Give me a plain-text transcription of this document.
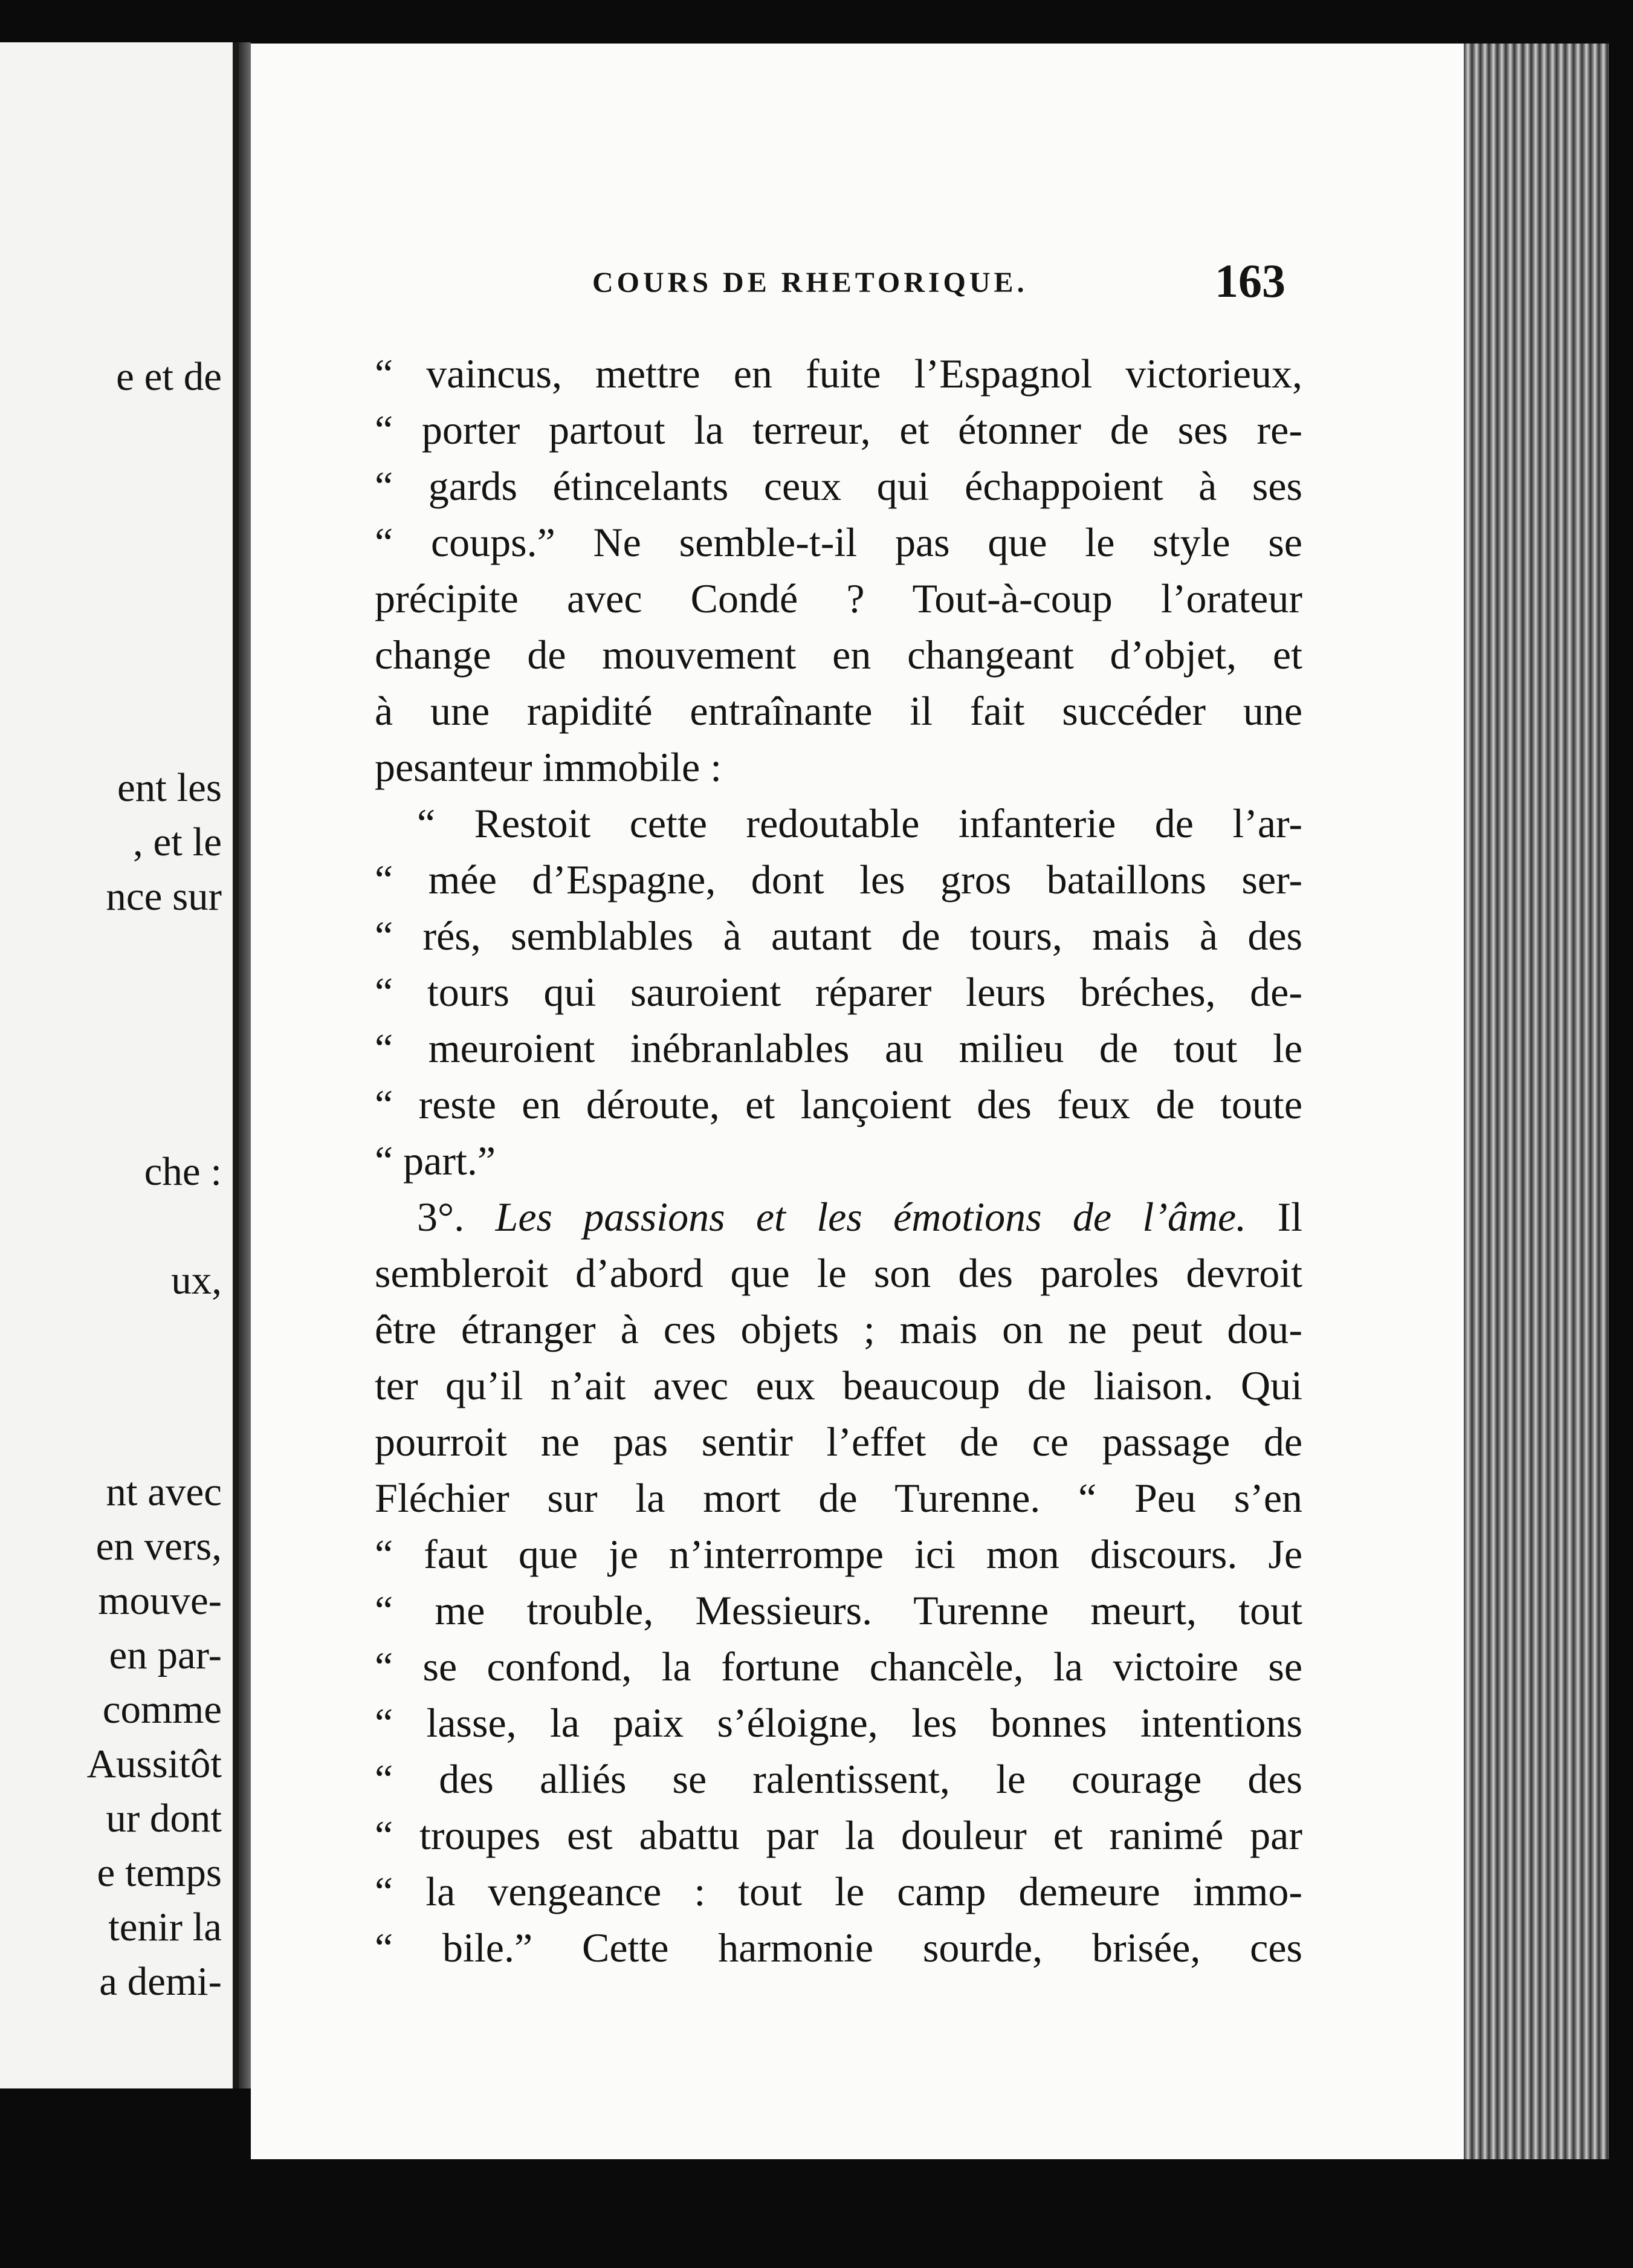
e et de
ent les
, et le
nce sur
che :
ux,
nt avec
en vers,
mouve-
en par-
comme
Aussitôt
ur dont
e temps
tenir la
a demi-
COURS DE RHETORIQUE.	163
“ vaincus, mettre en fuite l’Espagnol victorieux,
“ porter partout la terreur, et étonner de ses re-
“ gards étincelants ceux qui échappoient à ses
“ coups.” Ne semble-t-il pas que le style se
précipite avec Condé ? Tout-à-coup l’orateur
change de mouvement en changeant d’objet, et
à une rapidité entraînante il fait succéder une
pesanteur immobile :
“ Restoit cette redoutable infanterie de l’ar-
“ mée d’Espagne, dont les gros bataillons ser-
“ rés, semblables à autant de tours, mais à des
“ tours qui sauroient réparer leurs bréches, de-
“ meuroient inébranlables au milieu de tout le
“ reste en déroute, et lançoient des feux de toute
“ part.”
3°. Les passions et les émotions de l’âme. Il
sembleroit d’abord que le son des paroles devroit
être étranger à ces objets ; mais on ne peut dou-
ter qu’il n’ait avec eux beaucoup de liaison. Qui
pourroit ne pas sentir l’effet de ce passage de
Fléchier sur la mort de Turenne. “ Peu s’en
“ faut que je n’interrompe ici mon discours. Je
“ me trouble, Messieurs. Turenne meurt, tout
“ se confond, la fortune chancèle, la victoire se
“ lasse, la paix s’éloigne, les bonnes intentions
“ des alliés se ralentissent, le courage des
“ troupes est abattu par la douleur et ranimé par
“ la vengeance : tout le camp demeure immo-
“ bile.” Cette harmonie sourde, brisée, ces
